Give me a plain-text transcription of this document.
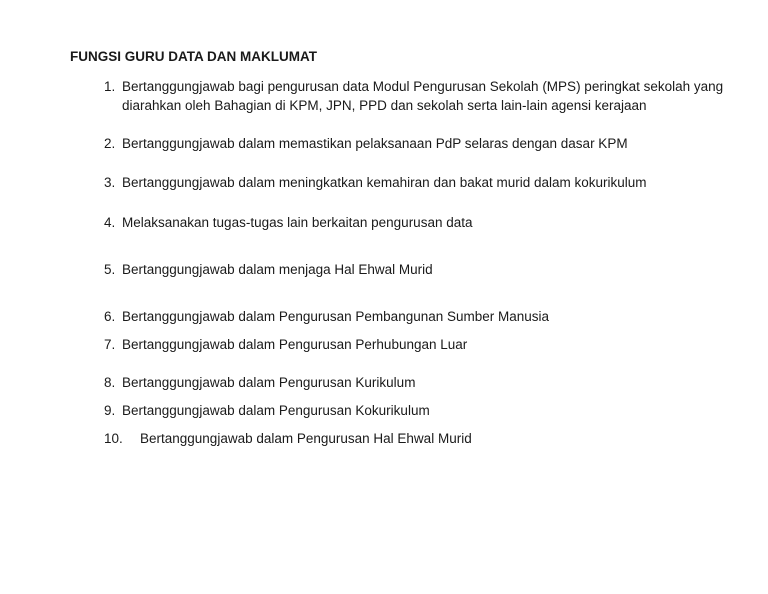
FUNGSI GURU DATA DAN MAKLUMAT
1. Bertanggungjawab bagi pengurusan data Modul Pengurusan Sekolah (MPS) peringkat sekolah yang
diarahkan oleh Bahagian di KPM, JPN, PPD dan sekolah serta lain-lain agensi kerajaan
2. Bertanggungjawab dalam memastikan pelaksanaan PdP selaras dengan dasar KPM
3. Bertanggungjawab dalam meningkatkan kemahiran dan bakat murid dalam kokurikulum
4. Melaksanakan tugas-tugas lain berkaitan pengurusan data
5. Bertanggungjawab dalam menjaga Hal Ehwal Murid
6. Bertanggungjawab dalam Pengurusan Pembangunan Sumber Manusia
7. Bertanggungjawab dalam Pengurusan Perhubungan Luar
8. Bertanggungjawab dalam Pengurusan Kurikulum
9. Bertanggungjawab dalam Pengurusan Kokurikulum
10. Bertanggungjawab dalam Pengurusan Hal Ehwal Murid
